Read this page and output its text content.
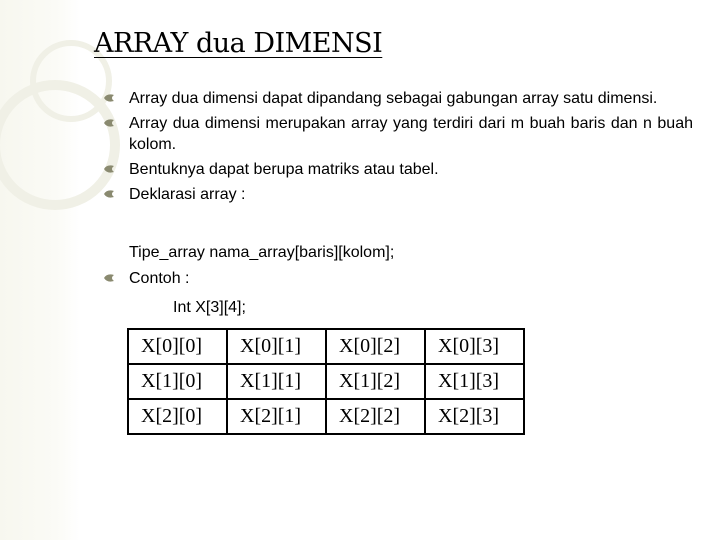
ARRAY dua DIMENSI
Array dua dimensi dapat dipandang sebagai gabungan array satu dimensi.
Array dua dimensi merupakan array yang terdiri dari m buah baris dan n buah kolom.
Bentuknya dapat berupa matriks atau tabel.
Deklarasi array :
Tipe_array nama_array[baris][kolom];
Contoh :
Int X[3][4];
X[0][0]	X[0][1]	X[0][2]	X[0][3]
X[1][0]	X[1][1]	X[1][2]	X[1][3]
X[2][0]	X[2][1]	X[2][2]	X[2][3]
